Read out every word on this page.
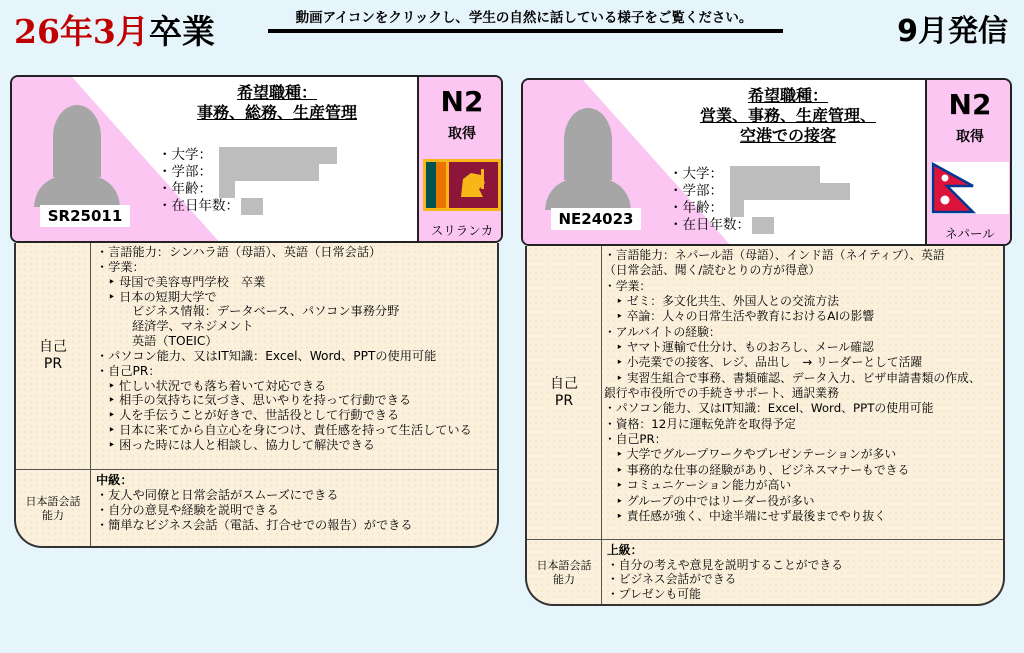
26年3月卒業	動画アイコンをクリックし、学生の自然に話している様子をご覧ください。	9月発信
SR25011
希望職種：
事務、総務、生産管理
・大学：
・学部：
・年齢：
・在日年数：
N2
取得
スリランカ
自己
PR
・言語能力：シンハラ語（母語）、英語（日常会話）
・学業：
‣ 母国で美容専門学校　卒業
‣ 日本の短期大学で
ビジネス情報：データベース、パソコン事務分野
経済学、マネジメント
英語（TOEIC）
・パソコン能力、又はIT知識：Excel、Word、PPTの使用可能
・自己PR：
‣ 忙しい状況でも落ち着いて対応できる
‣ 相手の気持ちに気づき、思いやりを持って行動できる
‣ 人を手伝うことが好きで、世話役として行動できる
‣ 日本に来てから自立心を身につけ、責任感を持って生活している
‣ 困った時には人と相談し、協力して解決できる
日本語会話
能力
中級：
・友人や同僚と日常会話がスムーズにできる
・自分の意見や経験を説明できる
・簡単なビジネス会話（電話、打合せでの報告）ができる
NE24023
希望職種：
営業、事務、生産管理、
空港での接客
・大学：
・学部：
・年齢：
・在日年数：
N2
取得
ネパール
自己
PR
・言語能力：ネパール語（母語）、インド語（ネイティブ）、英語
（日常会話、聞く/読むとりの方が得意）
・学業：
‣ ゼミ：多文化共生、外国人との交流方法
‣ 卒論：人々の日常生活や教育におけるAIの影響
・アルバイトの経験：
‣ ヤマト運輸で仕分け、ものおろし、メール確認
‣ 小売業での接客、レジ、品出し　→ リーダーとして活躍
‣ 実習生組合で事務、書類確認、データ入力、ビザ申請書類の作成、
銀行や市役所での手続きサポート、通訳業務
・パソコン能力、又はIT知識：Excel、Word、PPTの使用可能
・資格：12月に運転免許を取得予定
・自己PR：
‣ 大学でグループワークやプレゼンテーションが多い
‣ 事務的な仕事の経験があり、ビジネスマナーもできる
‣ コミュニケーション能力が高い
‣ グループの中ではリーダー役が多い
‣ 責任感が強く、中途半端にせず最後までやり抜く
日本語会話
能力
上級：
・自分の考えや意見を説明することができる
・ビジネス会話ができる
・プレゼンも可能
